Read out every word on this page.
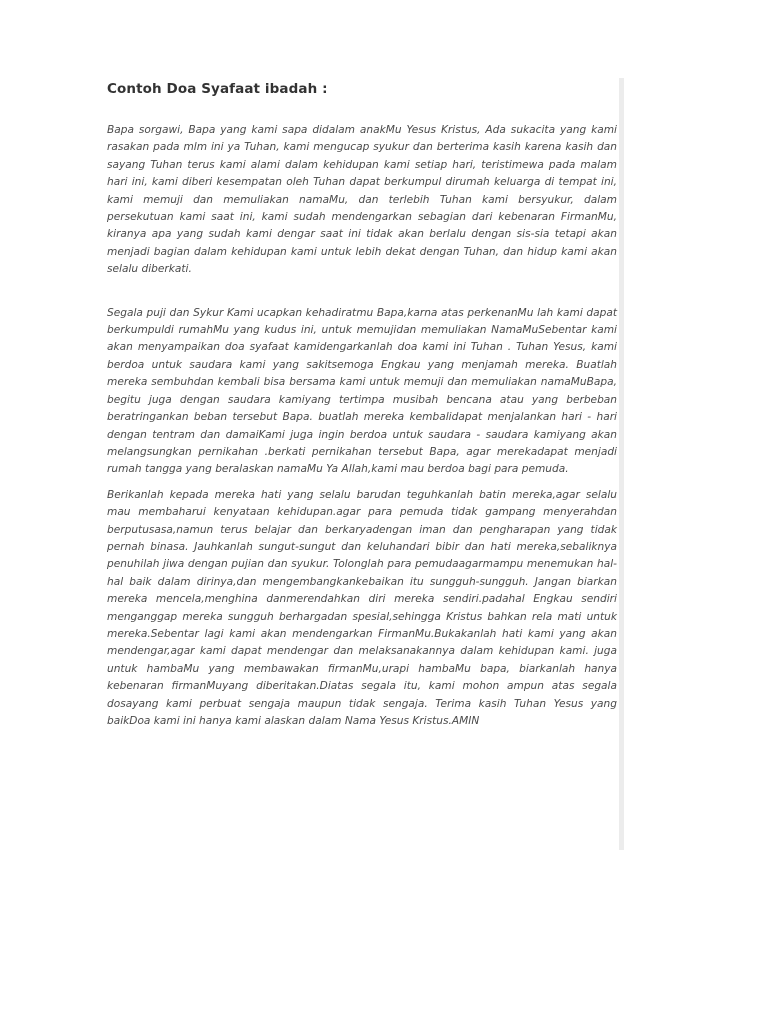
Contoh Doa Syafaat ibadah :

Bapa sorgawi, Bapa yang kami sapa didalam anakMu Yesus Kristus, Ada sukacita yang kami rasakan pada mlm ini ya Tuhan, kami mengucap syukur dan berterima kasih karena kasih dan sayang Tuhan terus kami alami dalam kehidupan kami setiap hari, teristimewa pada malam hari ini, kami diberi kesempatan oleh Tuhan dapat berkumpul dirumah keluarga di tempat ini, kami memuji dan memuliakan namaMu, dan terlebih Tuhan kami bersyukur, dalam persekutuan kami saat ini, kami sudah mendengarkan sebagian dari kebenaran FirmanMu, kiranya apa yang sudah kami dengar saat ini tidak akan berlalu dengan sis-sia tetapi akan menjadi bagian dalam kehidupan kami untuk lebih dekat dengan Tuhan, dan hidup kami akan selalu diberkati.

Segala puji dan Sykur Kami ucapkan kehadiratmu Bapa,karna atas perkenanMu lah kami dapat berkumpuldi rumahMu yang kudus ini, untuk memujidan memuliakan NamaMuSebentar kami akan menyampaikan doa syafaat kamidengarkanlah doa kami ini Tuhan . Tuhan Yesus, kami berdoa untuk saudara kami yang sakitsemoga Engkau yang menjamah mereka. Buatlah mereka sembuhdan kembali bisa bersama kami untuk memuji dan memuliakan namaMuBapa, begitu juga dengan saudara kamiyang tertimpa musibah bencana atau yang berbeban beratringankan beban tersebut Bapa. buatlah mereka kembalidapat menjalankan hari - hari dengan tentram dan damaiKami juga ingin berdoa untuk saudara - saudara kamiyang akan melangsungkan pernikahan .berkati pernikahan tersebut Bapa, agar merekadapat menjadi rumah tangga yang beralaskan namaMu Ya Allah,kami mau berdoa bagi para pemuda.

Berikanlah kepada mereka hati yang selalu barudan teguhkanlah batin mereka,agar selalu mau membaharui kenyataan kehidupan.agar para pemuda tidak gampang menyerahdan berputusasa,namun terus belajar dan berkaryadengan iman dan pengharapan yang tidak pernah binasa. Jauhkanlah sungut-sungut dan keluhandari bibir dan hati mereka,sebaliknya penuhilah jiwa dengan pujian dan syukur. Tolonglah para pemudaagarmampu menemukan hal-hal baik dalam dirinya,dan mengembangkankebaikan itu sungguh-sungguh. Jangan biarkan mereka mencela,menghina danmerendahkan diri mereka sendiri.padahal Engkau sendiri menganggap mereka sungguh berhargadan spesial,sehingga Kristus bahkan rela mati untuk mereka.Sebentar lagi kami akan mendengarkan FirmanMu.Bukakanlah hati kami yang akan mendengar,agar kami dapat mendengar dan melaksanakannya dalam kehidupan kami. juga untuk hambaMu yang membawakan firmanMu,urapi hambaMu bapa, biarkanlah hanya kebenaran firmanMuyang diberitakan.Diatas segala itu, kami mohon ampun atas segala dosayang kami perbuat sengaja maupun tidak sengaja. Terima kasih Tuhan Yesus yang baikDoa kami ini hanya kami alaskan dalam Nama Yesus Kristus.AMIN
